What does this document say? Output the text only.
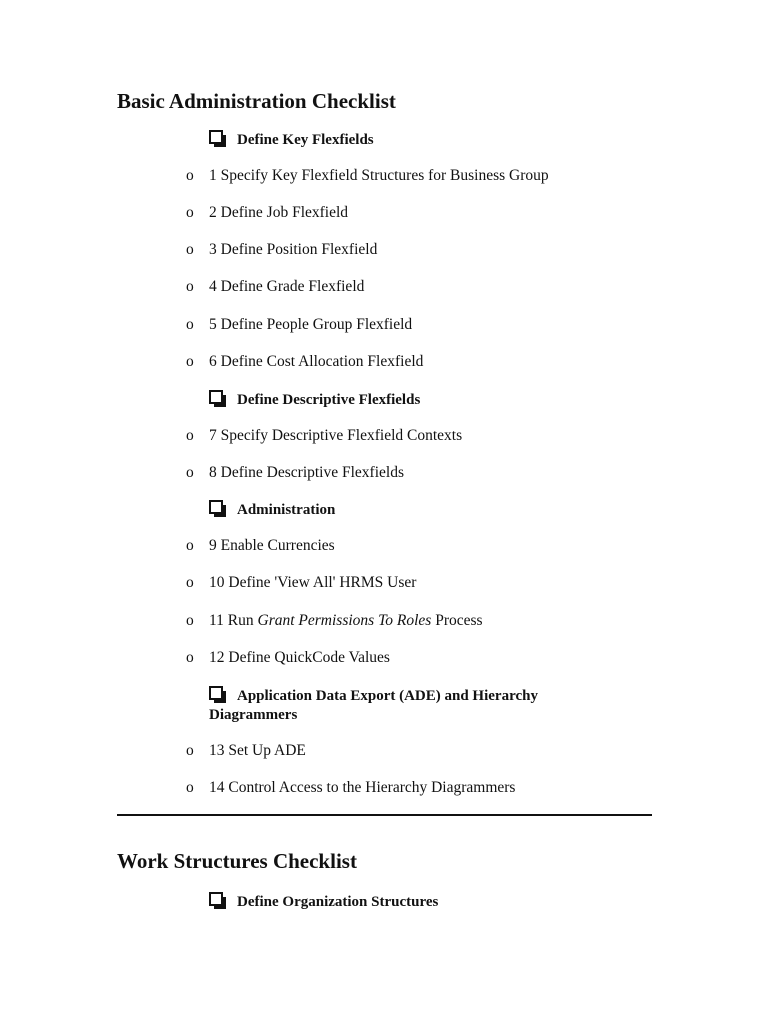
Basic Administration Checklist
Define Key Flexfields
o 1 Specify Key Flexfield Structures for Business Group
o 2 Define Job Flexfield
o 3 Define Position Flexfield
o 4 Define Grade Flexfield
o 5 Define People Group Flexfield
o 6 Define Cost Allocation Flexfield
Define Descriptive Flexfields
o 7 Specify Descriptive Flexfield Contexts
o 8 Define Descriptive Flexfields
Administration
o 9 Enable Currencies
o 10 Define 'View All' HRMS User
o 11 Run Grant Permissions To Roles Process
o 12 Define QuickCode Values
Application Data Export (ADE) and Hierarchy Diagrammers
o 13 Set Up ADE
o 14 Control Access to the Hierarchy Diagrammers
Work Structures Checklist
Define Organization Structures
